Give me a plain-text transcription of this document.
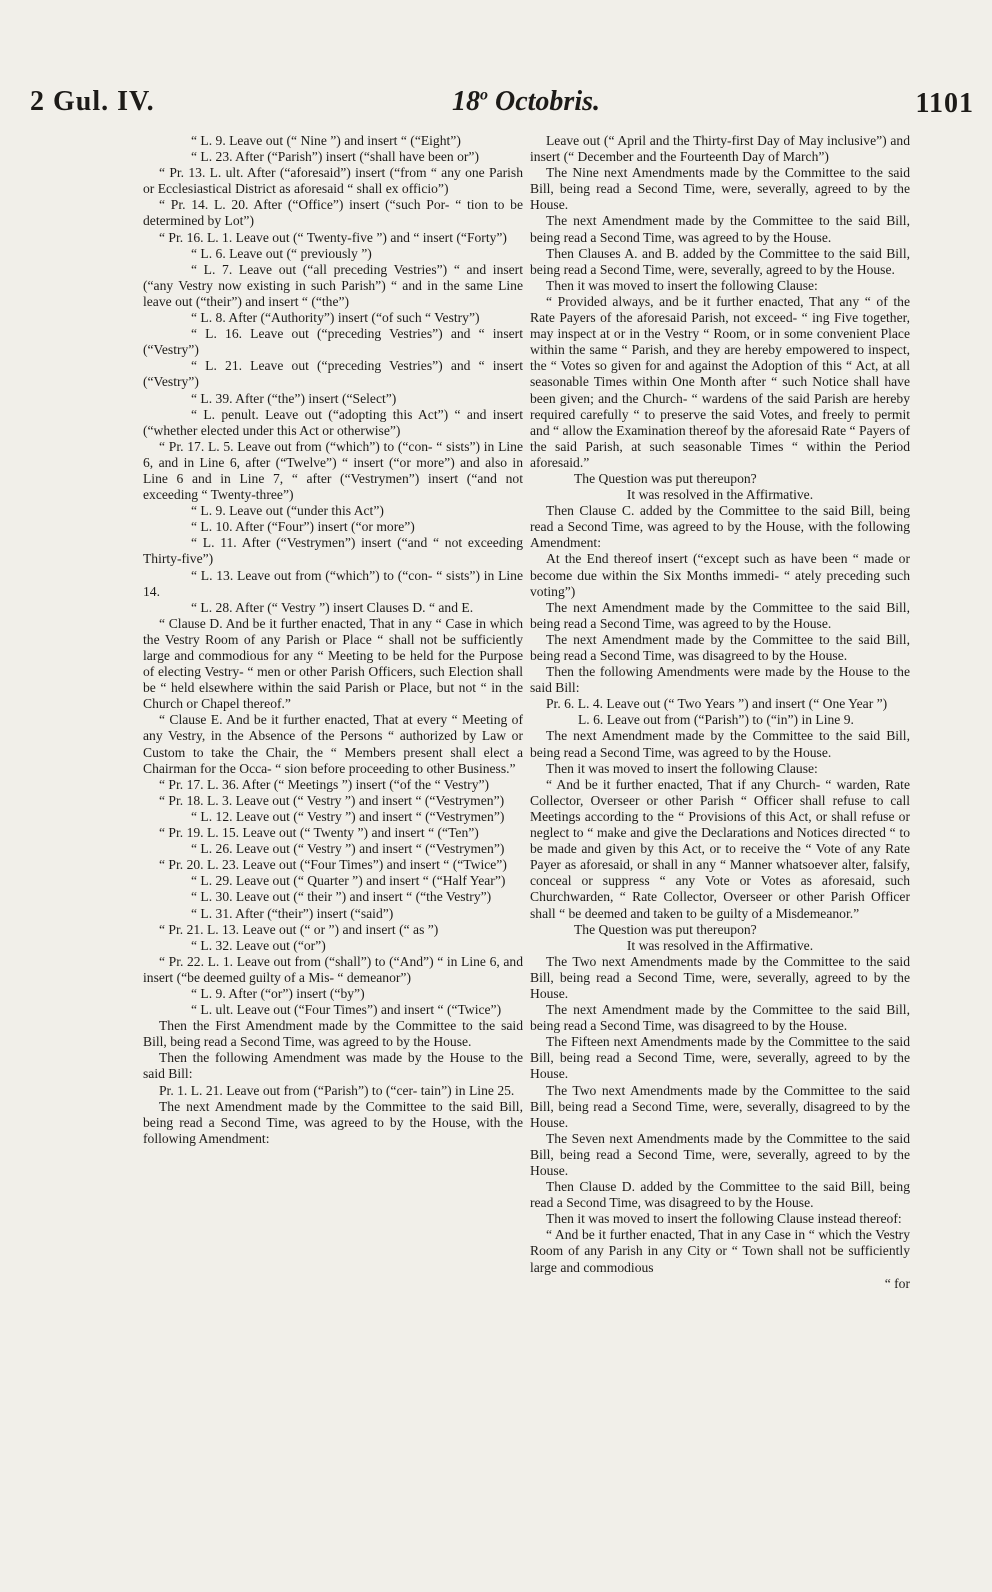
2 Gul. IV.	18$^o$ Octobris.	1101

“ L. 9. Leave out (“ Nine ”) and insert “ (“Eight”)

“ L. 23. After (“Parish”) insert (“shall have been or”)

“ Pr. 13. L. ult. After (“aforesaid”) insert (“from “ any one Parish or Ecclesiastical District as aforesaid “ shall ex officio”)

“ Pr. 14. L. 20. After (“Office”) insert (“such Por- “ tion to be determined by Lot”)

“ Pr. 16. L. 1. Leave out (“ Twenty-five ”) and “ insert (“Forty”)

“ L. 6. Leave out (“ previously ”)

“ L. 7. Leave out (“all preceding Vestries”) “ and insert (“any Vestry now existing in such Parish”) “ and in the same Line leave out (“their”) and insert “ (“the”)

“ L. 8. After (“Authority”) insert (“of such “ Vestry”)

“ L. 16. Leave out (“preceding Vestries”) and “ insert (“Vestry”)

“ L. 21. Leave out (“preceding Vestries”) and “ insert (“Vestry”)

“ L. 39. After (“the”) insert (“Select”)

“ L. penult. Leave out (“adopting this Act”) “ and insert (“whether elected under this Act or otherwise”)

“ Pr. 17. L. 5. Leave out from (“which”) to (“con- “ sists”) in Line 6, and in Line 6, after (“Twelve”) “ insert (“or more”) and also in Line 6 and in Line 7, “ after (“Vestrymen”) insert (“and not exceeding “ Twenty-three”)

“ L. 9. Leave out (“under this Act”)

“ L. 10. After (“Four”) insert (“or more”)

“ L. 11. After (“Vestrymen”) insert (“and “ not exceeding Thirty-five”)

“ L. 13. Leave out from (“which”) to (“con- “ sists”) in Line 14.

“ L. 28. After (“ Vestry ”) insert Clauses D. “ and E.

“ Clause D. And be it further enacted, That in any “ Case in which the Vestry Room of any Parish or Place “ shall not be sufficiently large and commodious for any “ Meeting to be held for the Purpose of electing Vestry- “ men or other Parish Officers, such Election shall be “ held elsewhere within the said Parish or Place, but not “ in the Church or Chapel thereof.”

“ Clause E. And be it further enacted, That at every “ Meeting of any Vestry, in the Absence of the Persons “ authorized by Law or Custom to take the Chair, the “ Members present shall elect a Chairman for the Occa- “ sion before proceeding to other Business.”

“ Pr. 17. L. 36. After (“ Meetings ”) insert (“of the “ Vestry”)

“ Pr. 18. L. 3. Leave out (“ Vestry ”) and insert “ (“Vestrymen”)

“ L. 12. Leave out (“ Vestry ”) and insert “ (“Vestrymen”)

“ Pr. 19. L. 15. Leave out (“ Twenty ”) and insert “ (“Ten”)

“ L. 26. Leave out (“ Vestry ”) and insert “ (“Vestrymen”)

“ Pr. 20. L. 23. Leave out (“Four Times”) and insert “ (“Twice”)

“ L. 29. Leave out (“ Quarter ”) and insert “ (“Half Year”)

“ L. 30. Leave out (“ their ”) and insert “ (“the Vestry”)

“ L. 31. After (“their”) insert (“said”)

“ Pr. 21. L. 13. Leave out (“ or ”) and insert (“ as ”)

“ L. 32. Leave out (“or”)

“ Pr. 22. L. 1. Leave out from (“shall”) to (“And”) “ in Line 6, and insert (“be deemed guilty of a Mis- “ demeanor”)

“ L. 9. After (“or”) insert (“by”)

“ L. ult. Leave out (“Four Times”) and insert “ (“Twice”)

Then the First Amendment made by the Committee to the said Bill, being read a Second Time, was agreed to by the House.

Then the following Amendment was made by the House to the said Bill:

Pr. 1. L. 21. Leave out from (“Parish”) to (“cer- tain”) in Line 25.

The next Amendment made by the Committee to the said Bill, being read a Second Time, was agreed to by the House, with the following Amendment:

Leave out (“ April and the Thirty-first Day of May inclusive”) and insert (“ December and the Fourteenth Day of March”)

The Nine next Amendments made by the Committee to the said Bill, being read a Second Time, were, severally, agreed to by the House.

The next Amendment made by the Committee to the said Bill, being read a Second Time, was agreed to by the House.

Then Clauses A. and B. added by the Committee to the said Bill, being read a Second Time, were, severally, agreed to by the House.

Then it was moved to insert the following Clause:

“ Provided always, and be it further enacted, That any “ of the Rate Payers of the aforesaid Parish, not exceed- “ ing Five together, may inspect at or in the Vestry “ Room, or in some convenient Place within the same “ Parish, and they are hereby empowered to inspect, the “ Votes so given for and against the Adoption of this “ Act, at all seasonable Times within One Month after “ such Notice shall have been given; and the Church- “ wardens of the said Parish are hereby required carefully “ to preserve the said Votes, and freely to permit and “ allow the Examination thereof by the aforesaid Rate “ Payers of the said Parish, at such seasonable Times “ within the Period aforesaid.”

The Question was put thereupon?

It was resolved in the Affirmative.

Then Clause C. added by the Committee to the said Bill, being read a Second Time, was agreed to by the House, with the following Amendment:

At the End thereof insert (“except such as have been “ made or become due within the Six Months immedi- “ ately preceding such voting”)

The next Amendment made by the Committee to the said Bill, being read a Second Time, was agreed to by the House.

The next Amendment made by the Committee to the said Bill, being read a Second Time, was disagreed to by the House.

Then the following Amendments were made by the House to the said Bill:

Pr. 6. L. 4. Leave out (“ Two Years ”) and insert (“ One Year ”)

L. 6. Leave out from (“Parish”) to (“in”) in Line 9.

The next Amendment made by the Committee to the said Bill, being read a Second Time, was agreed to by the House.

Then it was moved to insert the following Clause:

“ And be it further enacted, That if any Church- “ warden, Rate Collector, Overseer or other Parish “ Officer shall refuse to call Meetings according to the “ Provisions of this Act, or shall refuse or neglect to “ make and give the Declarations and Notices directed “ to be made and given by this Act, or to receive the “ Vote of any Rate Payer as aforesaid, or shall in any “ Manner whatsoever alter, falsify, conceal or suppress “ any Vote or Votes as aforesaid, such Churchwarden, “ Rate Collector, Overseer or other Parish Officer shall “ be deemed and taken to be guilty of a Misdemeanor.”

The Question was put thereupon?

It was resolved in the Affirmative.

The Two next Amendments made by the Committee to the said Bill, being read a Second Time, were, severally, agreed to by the House.

The next Amendment made by the Committee to the said Bill, being read a Second Time, was disagreed to by the House.

The Fifteen next Amendments made by the Committee to the said Bill, being read a Second Time, were, severally, agreed to by the House.

The Two next Amendments made by the Committee to the said Bill, being read a Second Time, were, severally, disagreed to by the House.

The Seven next Amendments made by the Committee to the said Bill, being read a Second Time, were, severally, agreed to by the House.

Then Clause D. added by the Committee to the said Bill, being read a Second Time, was disagreed to by the House.

Then it was moved to insert the following Clause instead thereof:

“ And be it further enacted, That in any Case in “ which the Vestry Room of any Parish in any City or “ Town shall not be sufficiently large and commodious

“ for
